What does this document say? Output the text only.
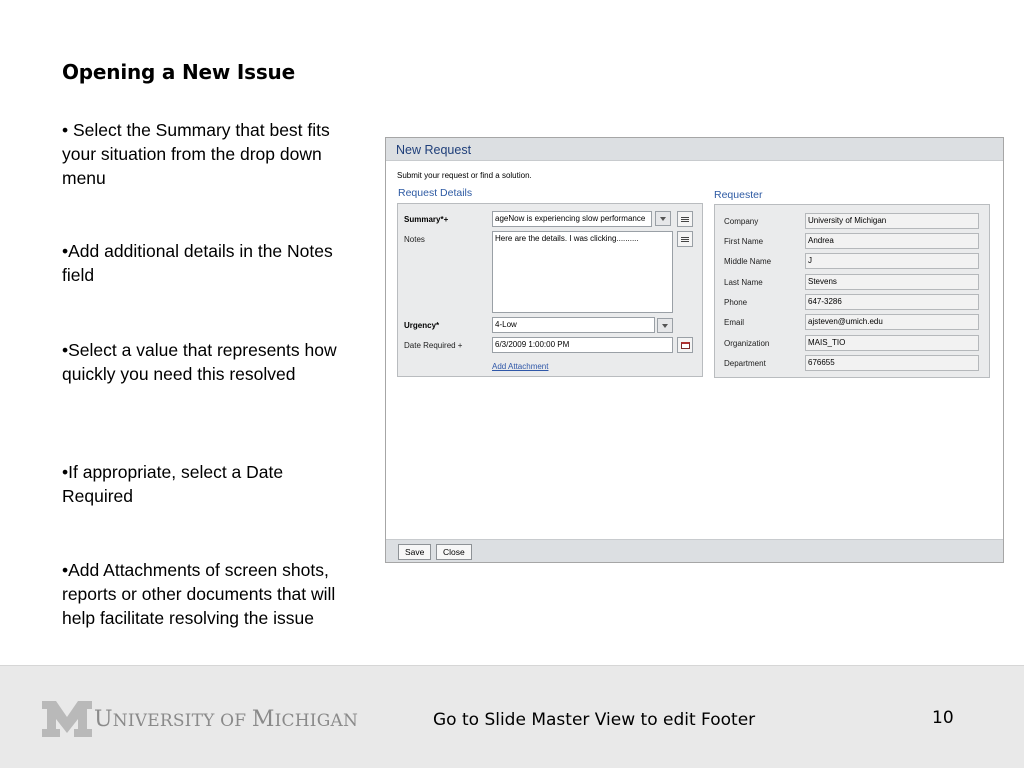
Opening a New Issue
• Select the Summary that best fits your situation from the drop down menu
•Add additional details in the Notes field
•Select a value that represents how quickly you need this resolved
•If appropriate, select a Date Required
•Add Attachments of screen shots, reports or other documents that will help facilitate resolving the issue
New Request
Submit your request or find a solution.
Request Details	Requester
Summary*+	ageNow is experiencing slow performance
Notes	Here are the details. I was clicking..........
Urgency*	4-Low
Date Required +	6/3/2009 1:00:00 PM
Add Attachment
Company	University of Michigan
First Name	Andrea
Middle Name	J
Last Name	Stevens
Phone	647-3286
Email	ajsteven@umich.edu
Organization	MAIS_TIO
Department	676655
Save	Close
UNIVERSITY OF MICHIGAN	Go to Slide Master View to edit Footer	10
